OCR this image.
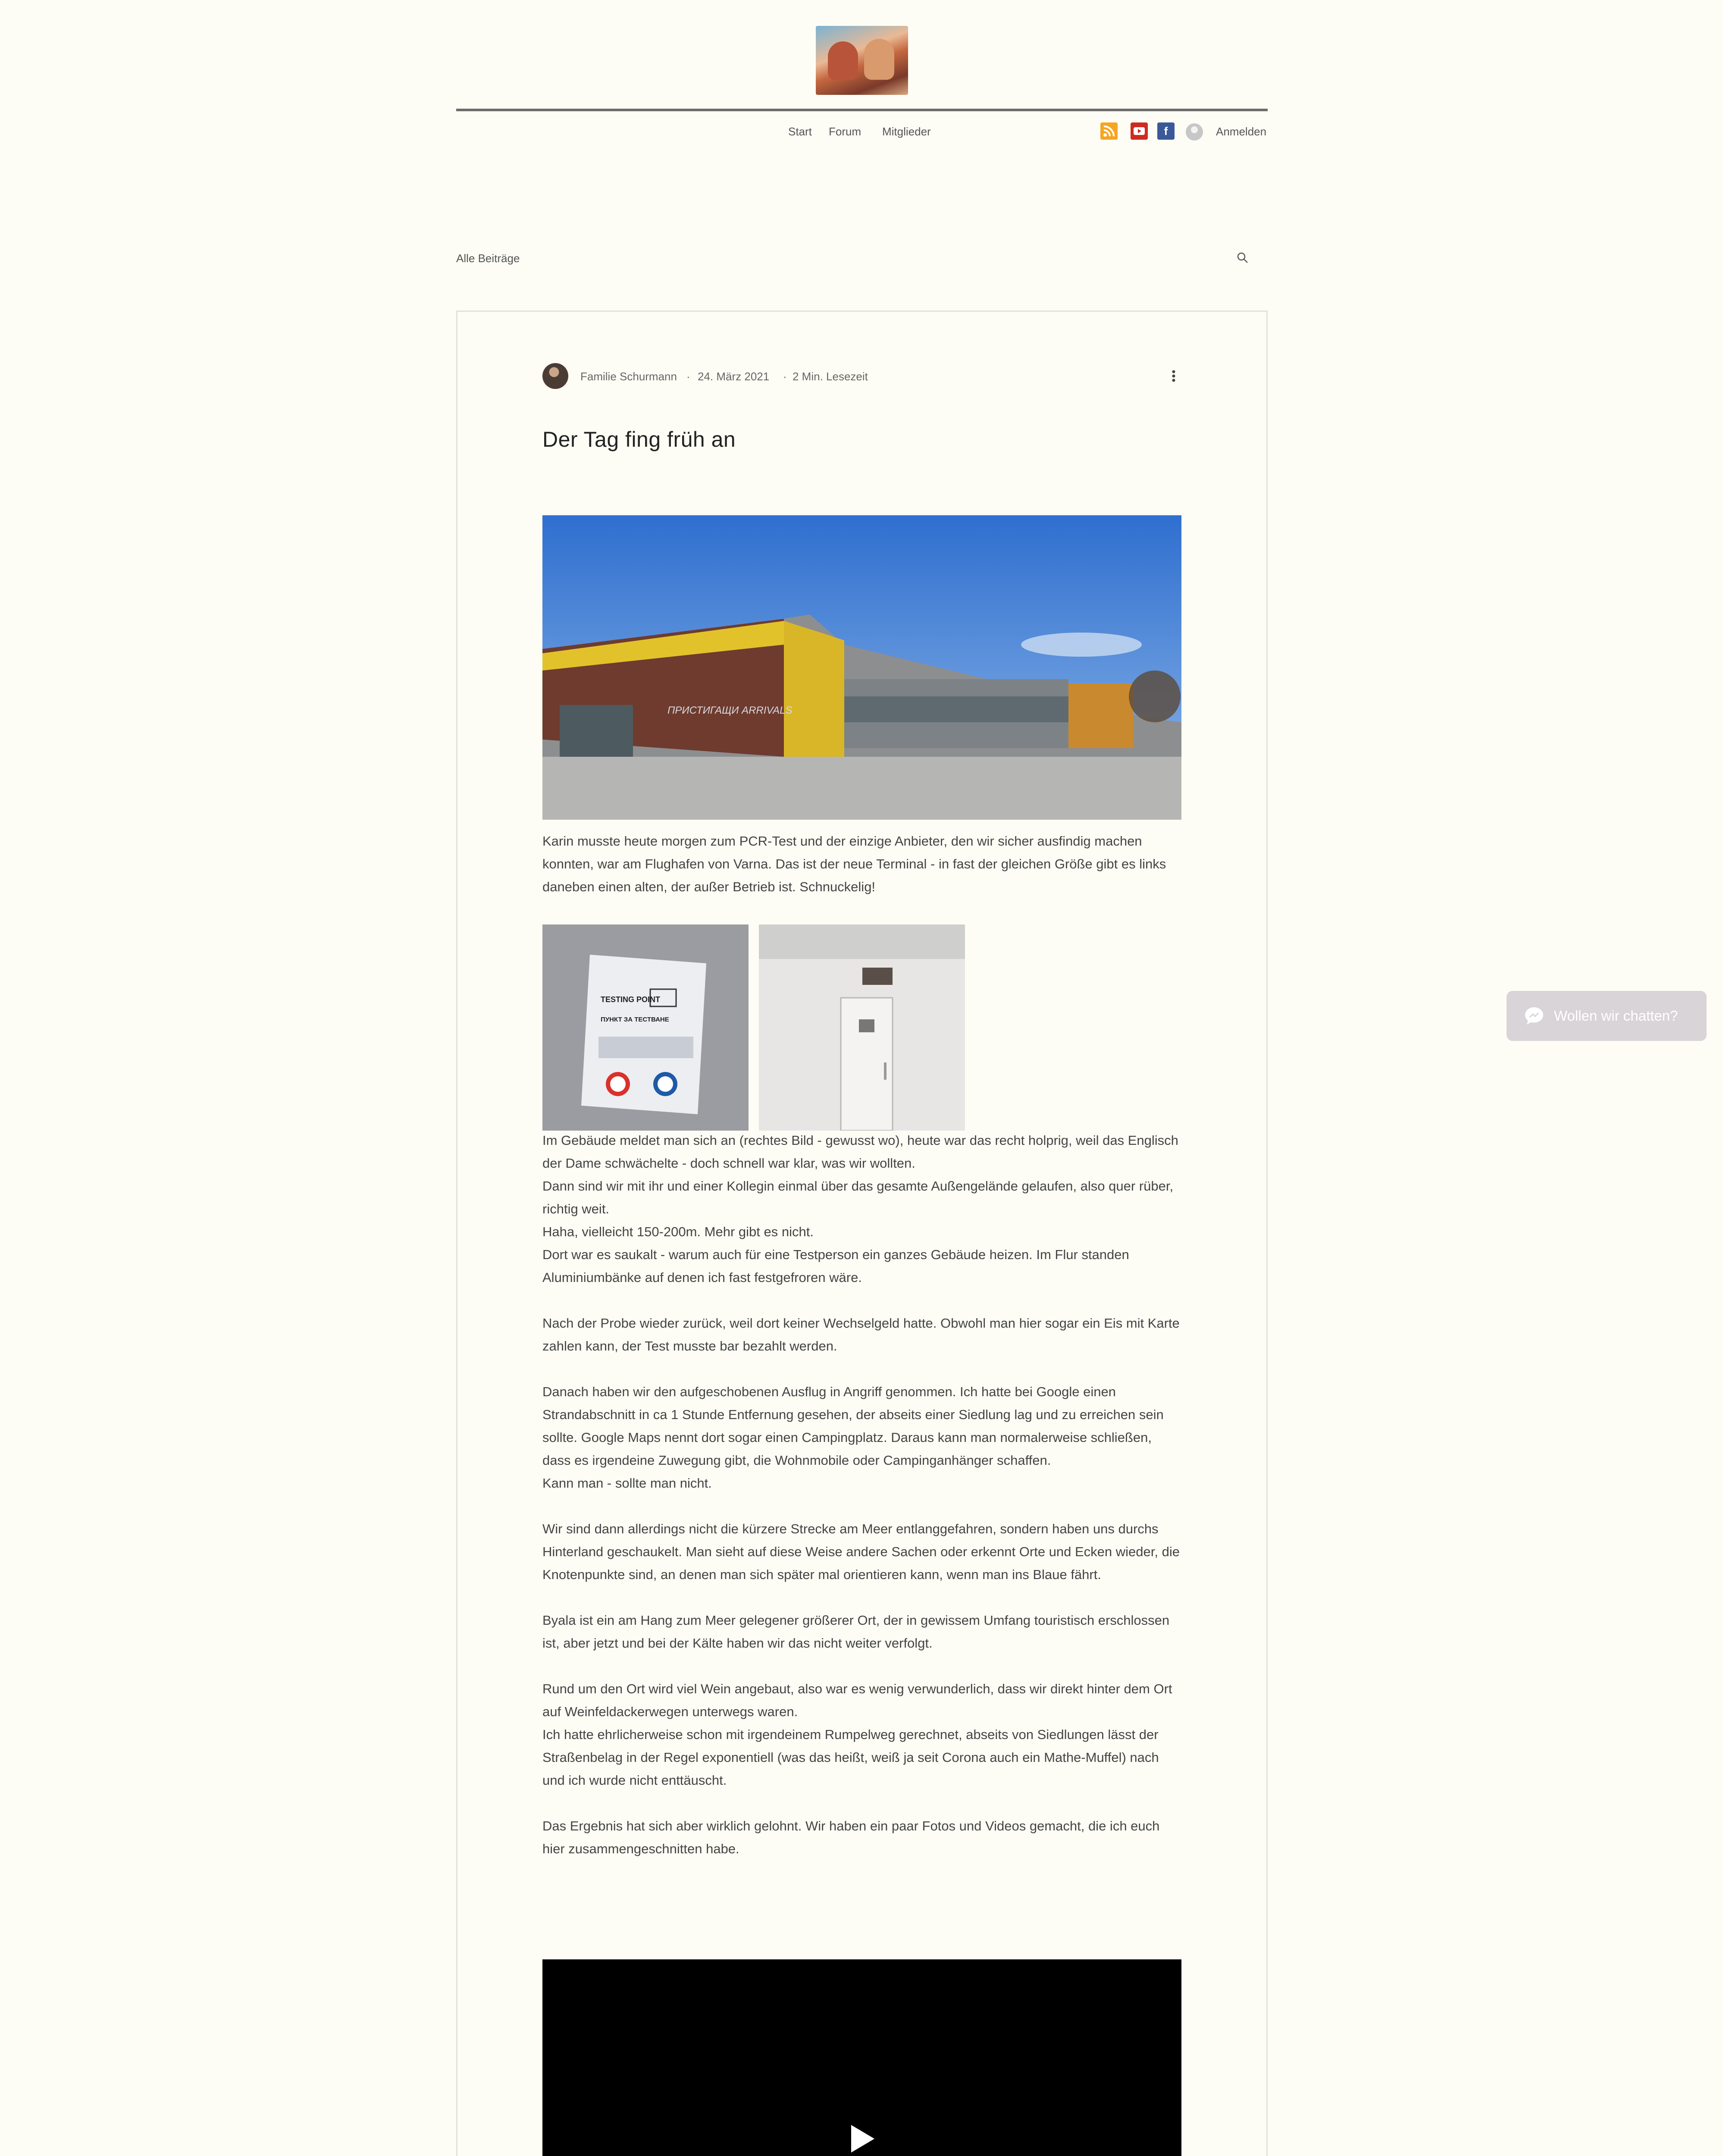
Start Forum Mitglieder	f	Anmelden
Alle Beiträge
Familie Schurmann · 24. März 2021 · 2 Min. Lesezeit
Der Tag fing früh an
ПРИСТИГАЩИ ARRIVALS

Karin musste heute morgen zum PCR-Test und der einzige Anbieter, den wir sicher ausfindig machen konnten, war am Flughafen von Varna. Das ist der neue Terminal - in fast der gleichen Größe gibt es links daneben einen alten, der außer Betrieb ist. Schnuckelig!

TESTING POINT
ПУНКТ ЗА ТЕСТВАНЕ

Im Gebäude meldet man sich an (rechtes Bild - gewusst wo), heute war das recht holprig, weil das Englisch der Dame schwächelte - doch schnell war klar, was wir wollten.

Dann sind wir mit ihr und einer Kollegin einmal über das gesamte Außengelände gelaufen, also quer rüber, richtig weit.

Haha, vielleicht 150-200m. Mehr gibt es nicht.

Dort war es saukalt - warum auch für eine Testperson ein ganzes Gebäude heizen. Im Flur standen Aluminiumbänke auf denen ich fast festgefroren wäre.

Nach der Probe wieder zurück, weil dort keiner Wechselgeld hatte. Obwohl man hier sogar ein Eis mit Karte zahlen kann, der Test musste bar bezahlt werden.

Danach haben wir den aufgeschobenen Ausflug in Angriff genommen. Ich hatte bei Google einen Strandabschnitt in ca 1 Stunde Entfernung gesehen, der abseits einer Siedlung lag und zu erreichen sein sollte. Google Maps nennt dort sogar einen Campingplatz. Daraus kann man normalerweise schließen, dass es irgendeine Zuwegung gibt, die Wohnmobile oder Campinganhänger schaffen.

Kann man - sollte man nicht.

Wir sind dann allerdings nicht die kürzere Strecke am Meer entlanggefahren, sondern haben uns durchs Hinterland geschaukelt. Man sieht auf diese Weise andere Sachen oder erkennt Orte und Ecken wieder, die Knotenpunkte sind, an denen man sich später mal orientieren kann, wenn man ins Blaue fährt.

Byala ist ein am Hang zum Meer gelegener größerer Ort, der in gewissem Umfang touristisch erschlossen ist, aber jetzt und bei der Kälte haben wir das nicht weiter verfolgt.

Rund um den Ort wird viel Wein angebaut, also war es wenig verwunderlich, dass wir direkt hinter dem Ort auf Weinfeldackerwegen unterwegs waren.

Ich hatte ehrlicherweise schon mit irgendeinem Rumpelweg gerechnet, abseits von Siedlungen lässt der Straßenbelag in der Regel exponentiell (was das heißt, weiß ja seit Corona auch ein Mathe-Muffel) nach und ich wurde nicht enttäuscht.

Das Ergebnis hat sich aber wirklich gelohnt. Wir haben ein paar Fotos und Videos gemacht, die ich euch hier zusammengeschnitten habe.

Wollen wir chatten?
